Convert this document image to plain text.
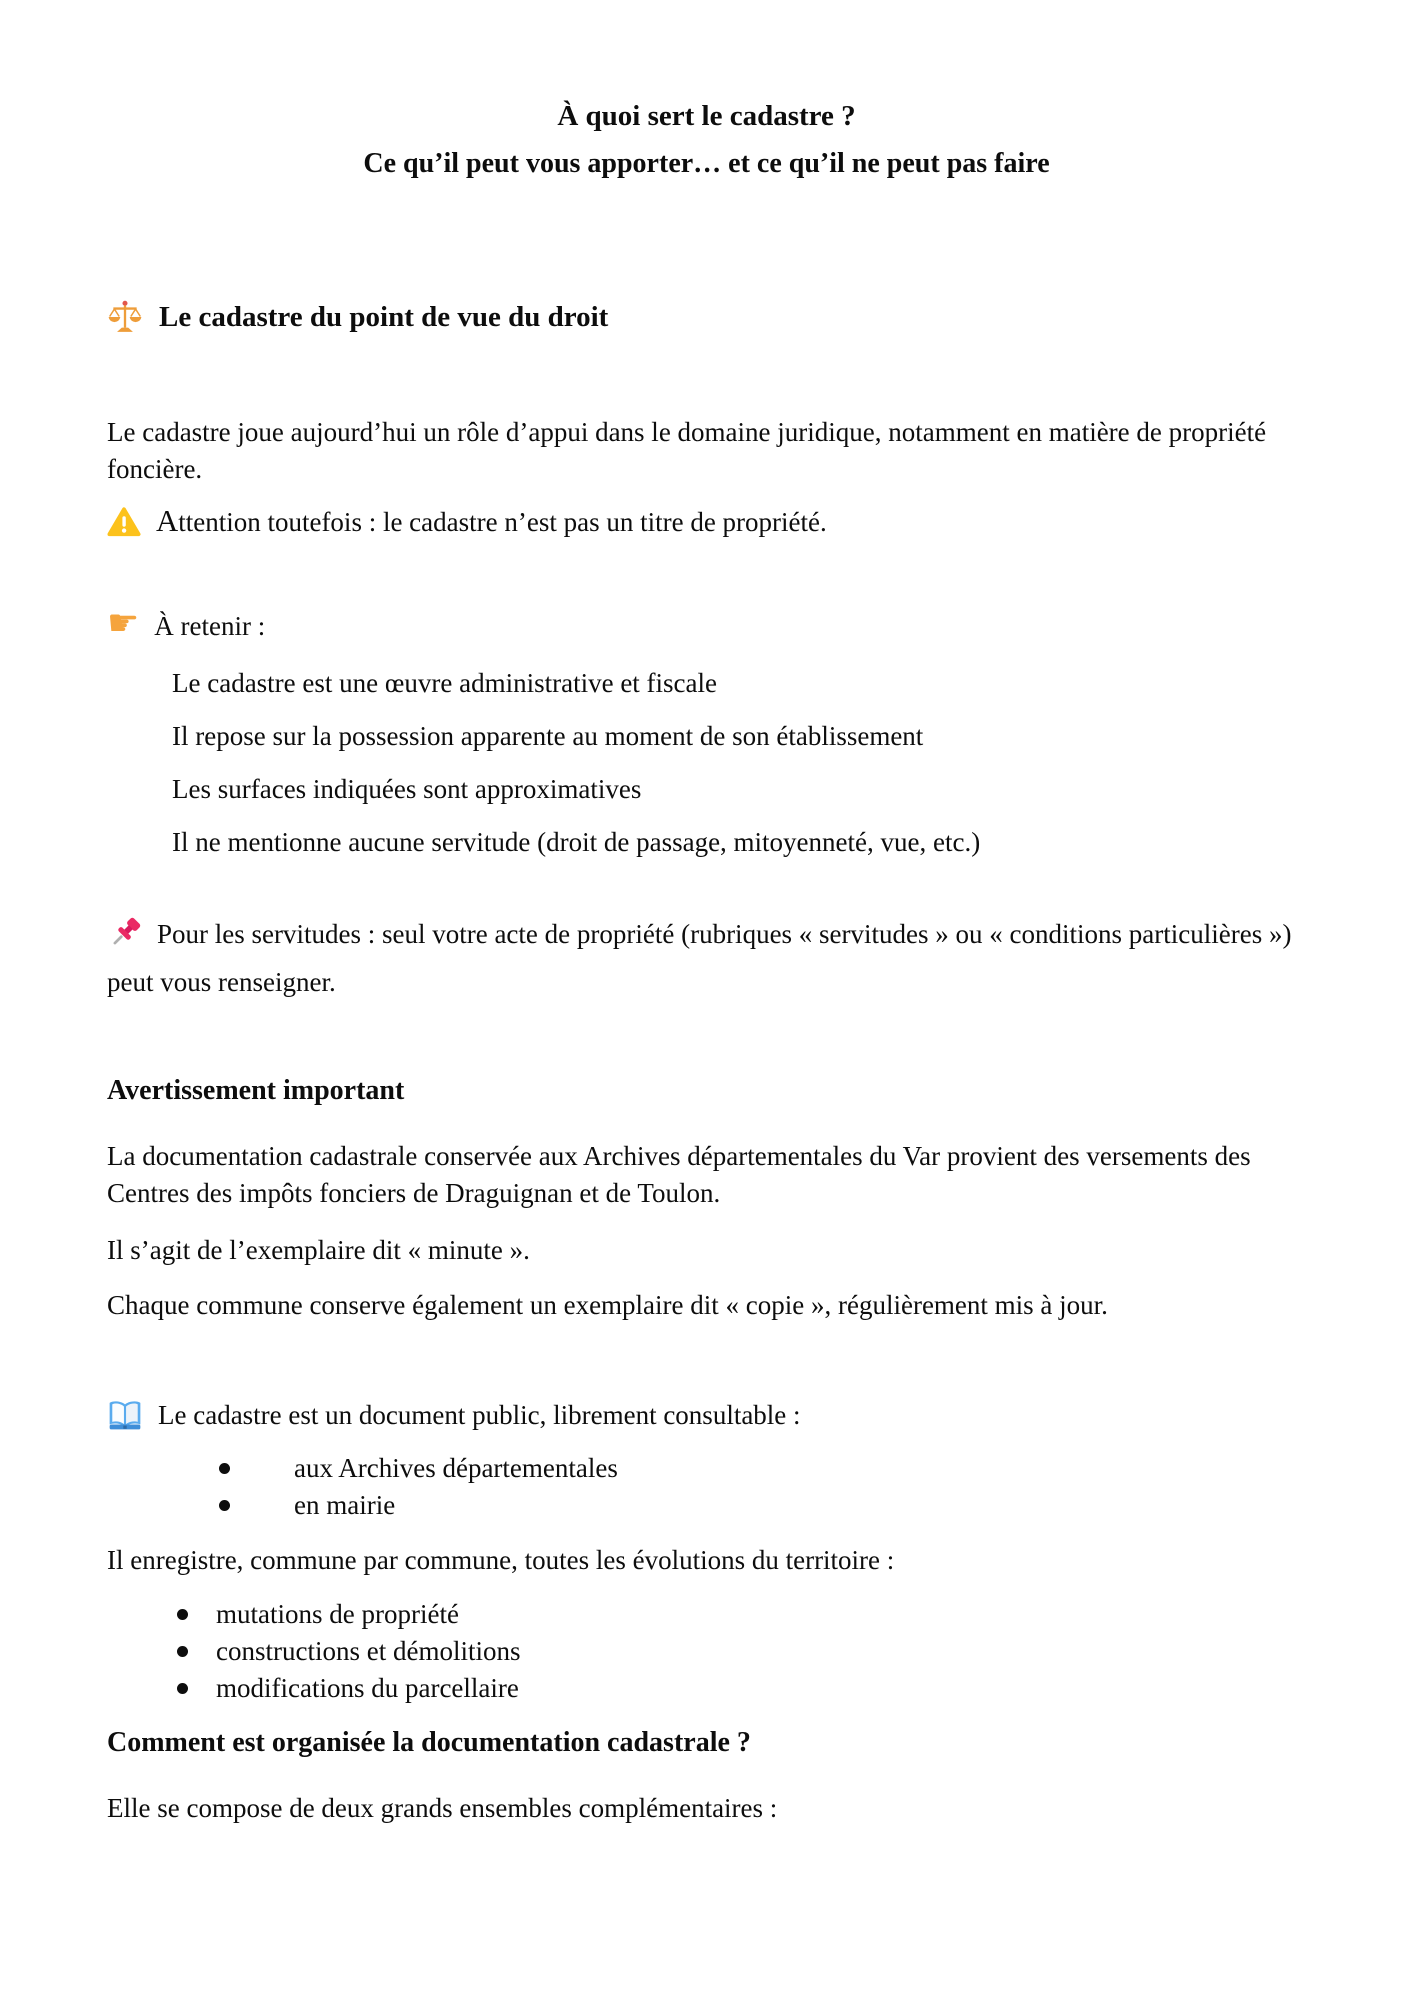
À quoi sert le cadastre ?
Ce qu’il peut vous apporter… et ce qu’il ne peut pas faire
Le cadastre du point de vue du droit

Le cadastre joue aujourd’hui un rôle d’appui dans le domaine juridique, notamment en matière de propriété foncière.

Attention toutefois : le cadastre n’est pas un titre de propriété.
☛ À retenir :

Le cadastre est une œuvre administrative et fiscale

Il repose sur la possession apparente au moment de son établissement

Les surfaces indiquées sont approximatives

Il ne mentionne aucune servitude (droit de passage, mitoyenneté, vue, etc.)

Pour les servitudes : seul votre acte de propriété (rubriques « servitudes » ou « conditions particulières ») peut vous renseigner.

Avertissement important

La documentation cadastrale conservée aux Archives départementales du Var provient des versements des Centres des impôts fonciers de Draguignan et de Toulon.

Il s’agit de l’exemplaire dit « minute ».

Chaque commune conserve également un exemplaire dit « copie », régulièrement mis à jour.

Le cadastre est un document public, librement consultable :
aux Archives départementales
en mairie

Il enregistre, commune par commune, toutes les évolutions du territoire :

mutations de propriété
constructions et démolitions
modifications du parcellaire
Comment est organisée la documentation cadastrale ?

Elle se compose de deux grands ensembles complémentaires :
